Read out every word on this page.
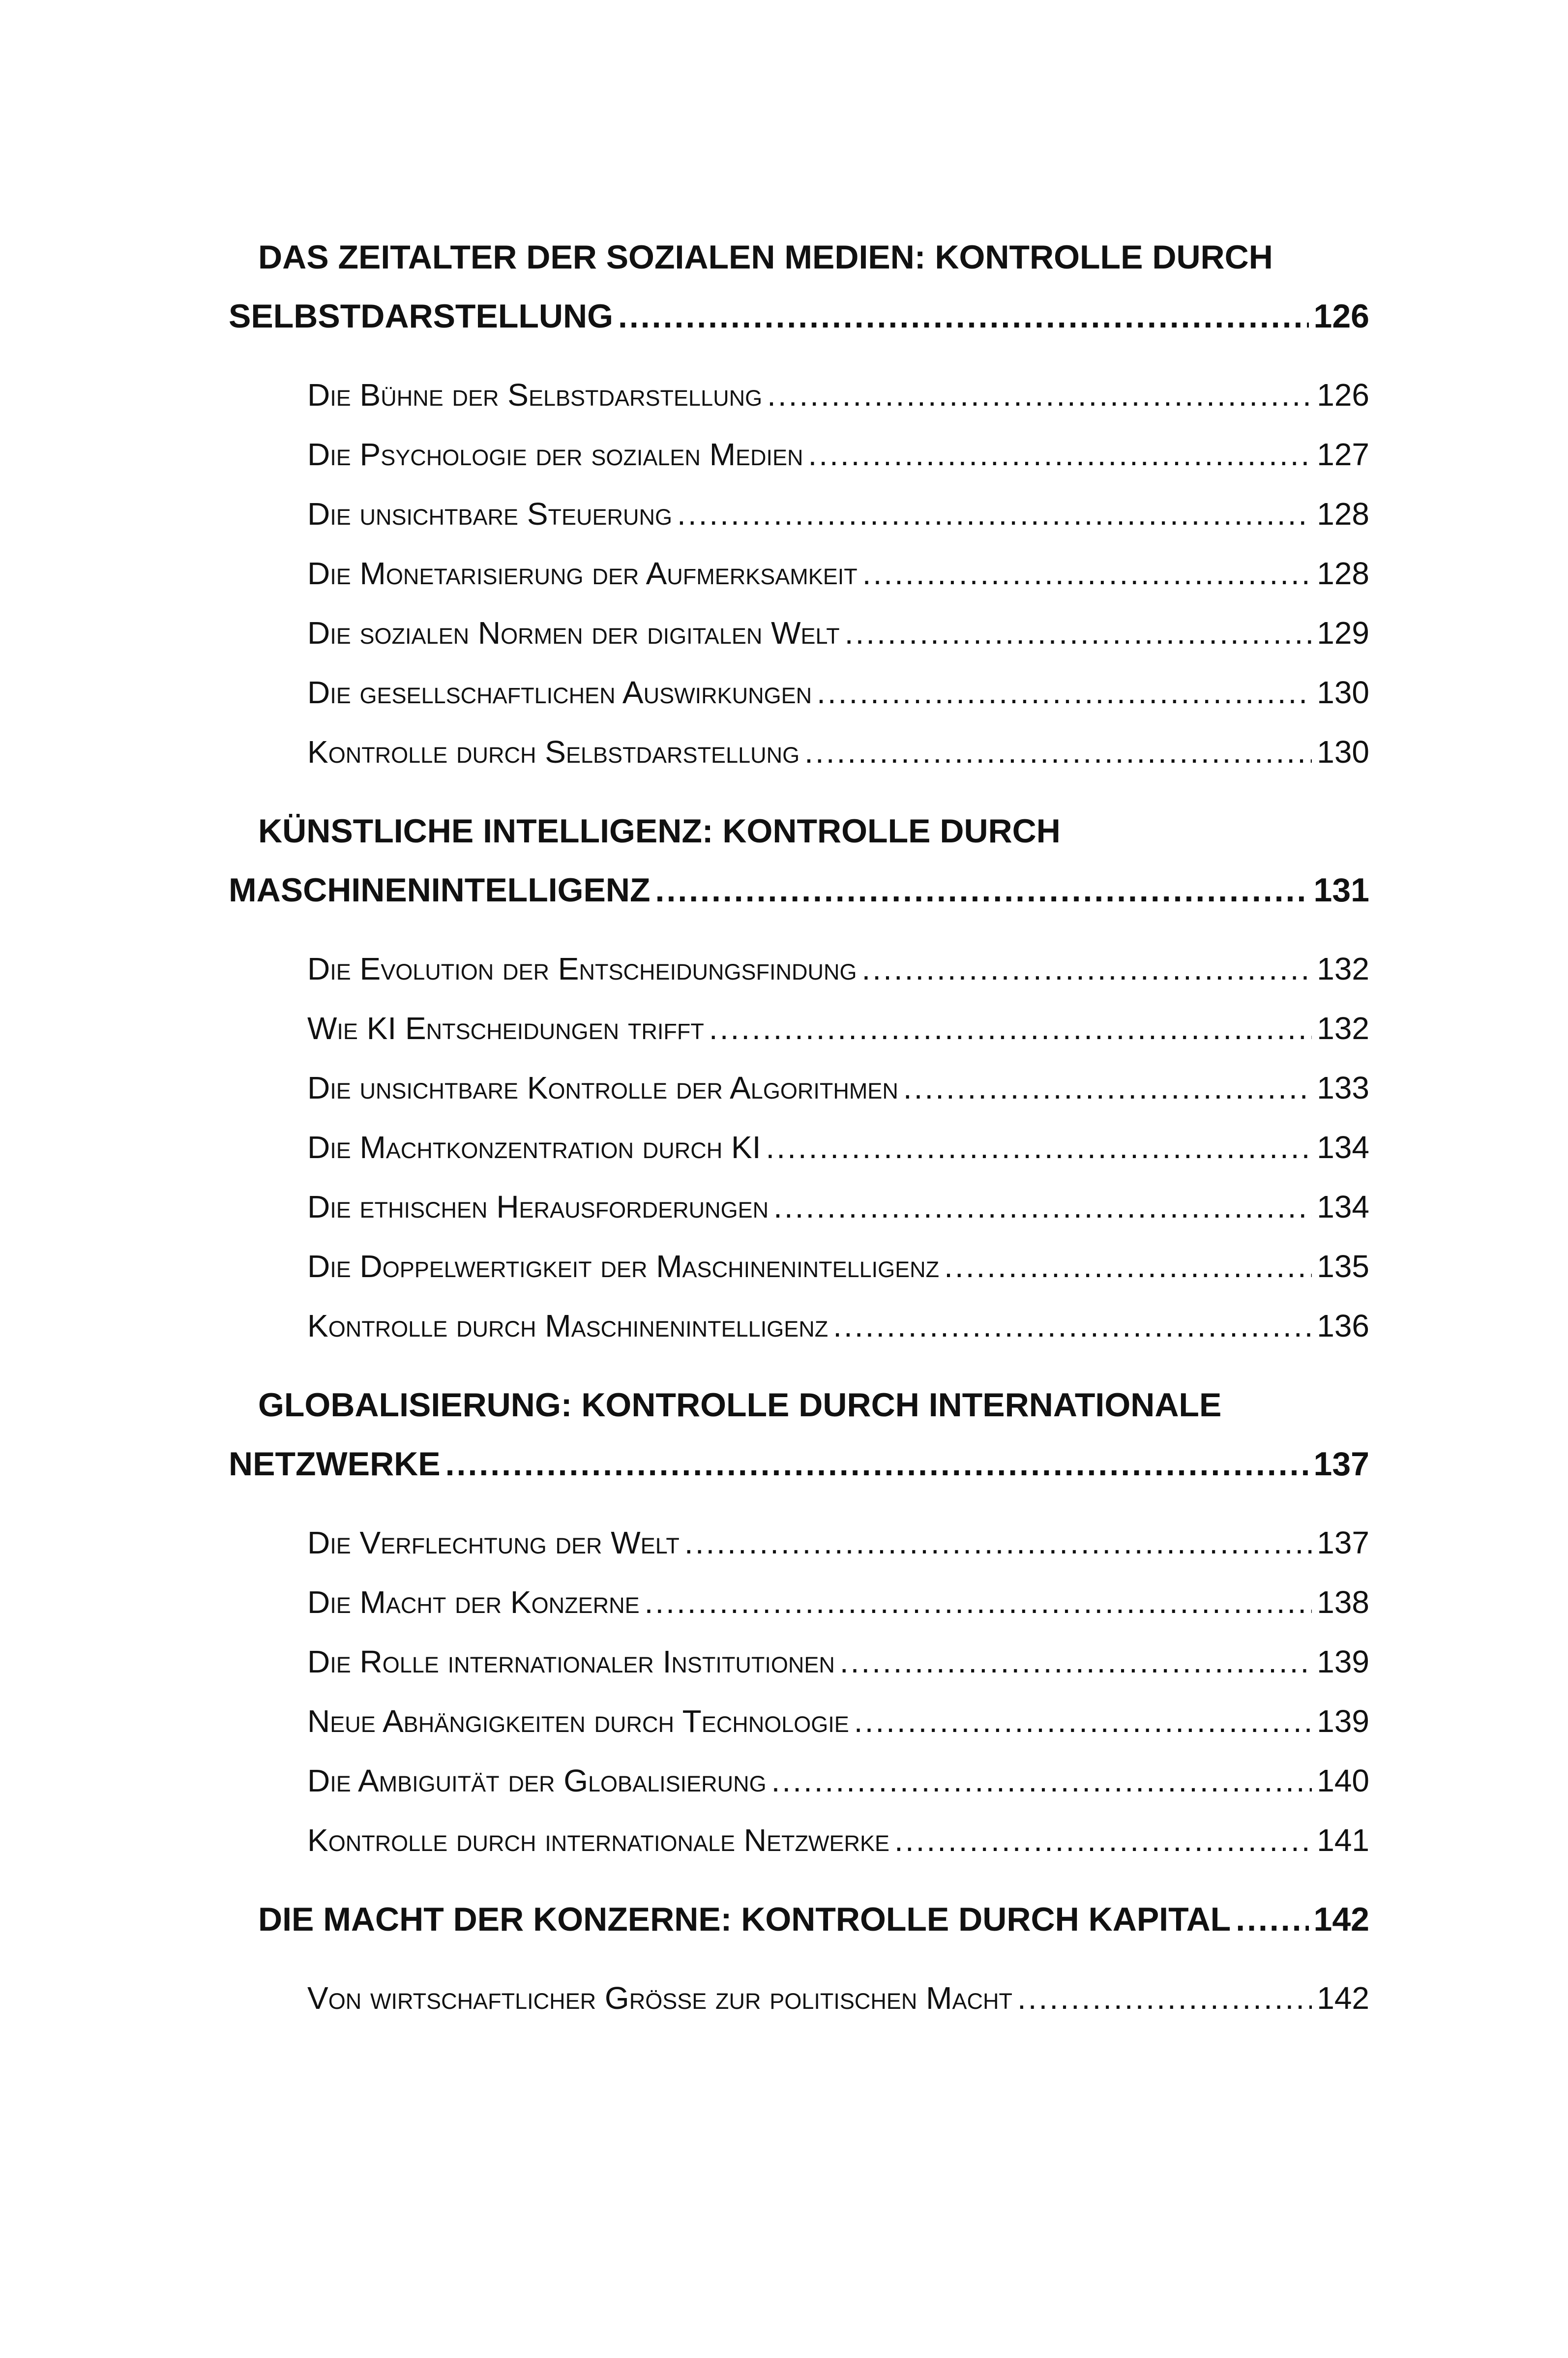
DAS ZEITALTER DER SOZIALEN MEDIEN: KONTROLLE DURCH
SELBSTDARSTELLUNG .....	126
Die Bühne der Selbstdarstellung .....	126
Die Psychologie der sozialen Medien .....	127
Die unsichtbare Steuerung .....	128
Die Monetarisierung der Aufmerksamkeit .....	128
Die sozialen Normen der digitalen Welt .....	129
Die gesellschaftlichen Auswirkungen .....	130
Kontrolle durch Selbstdarstellung .....	130
KÜNSTLICHE INTELLIGENZ: KONTROLLE DURCH
MASCHINENINTELLIGENZ .....	131
Die Evolution der Entscheidungsfindung .....	132
Wie KI Entscheidungen trifft .....	132
Die unsichtbare Kontrolle der Algorithmen .....	133
Die Machtkonzentration durch KI .....	134
Die ethischen Herausforderungen .....	134
Die Doppelwertigkeit der Maschinenintelligenz .....	135
Kontrolle durch Maschinenintelligenz .....	136
GLOBALISIERUNG: KONTROLLE DURCH INTERNATIONALE
NETZWERKE .....	137
Die Verflechtung der Welt .....	137
Die Macht der Konzerne .....	138
Die Rolle internationaler Institutionen .....	139
Neue Abhängigkeiten durch Technologie .....	139
Die Ambiguität der Globalisierung .....	140
Kontrolle durch internationale Netzwerke .....	141
DIE MACHT DER KONZERNE: KONTROLLE DURCH KAPITAL ..... 142
Von wirtschaftlicher Größe zur politischen Macht .....	142
